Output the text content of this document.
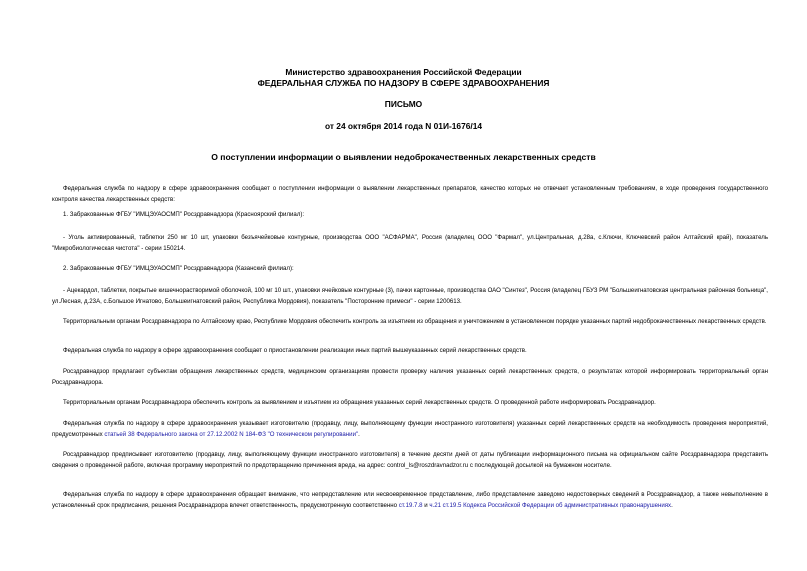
Министерство здравоохранения Российской Федерации
ФЕДЕРАЛЬНАЯ СЛУЖБА ПО НАДЗОРУ В СФЕРЕ ЗДРАВООХРАНЕНИЯ
ПИСЬМО
от 24 октября 2014 года N 01И-1676/14
О поступлении информации о выявлении недоброкачественных лекарственных средств

Федеральная служба по надзору в сфере здравоохранения сообщает о поступлении информации о выявлении лекарственных препаратов, качество которых не отвечает установленным требованиям, в ходе проведения государственного контроля качества лекарственных средств:

1. Забракованные ФГБУ "ИМЦЭУАОСМП" Росздравнадзора (Красноярский филиал):

- Уголь активированный, таблетки 250 мг 10 шт, упаковки безъячейковые контурные, производства ООО "АСФАРМА", Россия (владелец ООО "Фармал", ул.Центральная, д.28а, с.Ключи, Ключевский район Алтайский край), показатель "Микробиологическая чистота" - серии 150214.

2. Забракованные ФГБУ "ИМЦЭУАОСМП" Росздравнадзора (Казанский филиал):

- Ацекардол, таблетки, покрытые кишечнорастворимой оболочкой, 100 мг 10 шт., упаковки ячейковые контурные (3), пачки картонные, производства ОАО "Синтез", Россия (владелец ГБУЗ РМ "Большеигнатовская центральная районная больница", ул.Лесная, д.23А, с.Большое Игнатово, Большеигнатовский район, Республика Мордовия), показатель "Посторонние примеси" - серии 1200613.

Территориальным органам Росздравнадзора по Алтайскому краю, Республике Мордовия обеспечить контроль за изъятием из обращения и уничтожением в установленном порядке указанных партий недоброкачественных лекарственных средств.

Федеральная служба по надзору в сфере здравоохранения сообщает о приостановлении реализации иных партий вышеуказанных серий лекарственных средств.

Росздравнадзор предлагает субъектам обращения лекарственных средств, медицинским организациям провести проверку наличия указанных серий лекарственных средств, о результатах которой информировать территориальный орган Росздравнадзора.

Территориальным органам Росздравнадзора обеспечить контроль за выявлением и изъятием из обращения указанных серий лекарственных средств. О проведенной работе информировать Росздравнадзор.

Федеральная служба по надзору в сфере здравоохранения указывает изготовителю (продавцу, лицу, выполняющему функции иностранного изготовителя) указанных серий лекарственных средств на необходимость проведения мероприятий, предусмотренных статьей 38 Федерального закона от 27.12.2002 N 184-ФЗ "О техническом регулировании".

Росздравнадзор предписывает изготовителю (продавцу, лицу, выполняющему функции иностранного изготовителя) в течение десяти дней от даты публикации информационного письма на официальном сайте Росздравнадзора представить сведения о проведенной работе, включая программу мероприятий по предотвращению причинения вреда, на адрес: control_ls@roszdravnadzor.ru с последующей досылкой на бумажном носителе.

Федеральная служба по надзору в сфере здравоохранения обращает внимание, что непредставление или несвоевременное представление, либо представление заведомо недостоверных сведений в Росздравнадзор, а также невыполнение в установленный срок предписания, решения Росздравнадзора влечет ответственность, предусмотренную соответственно ст.19.7.8 и ч.21 ст.19.5 Кодекса Российской Федерации об административных правонарушениях.
